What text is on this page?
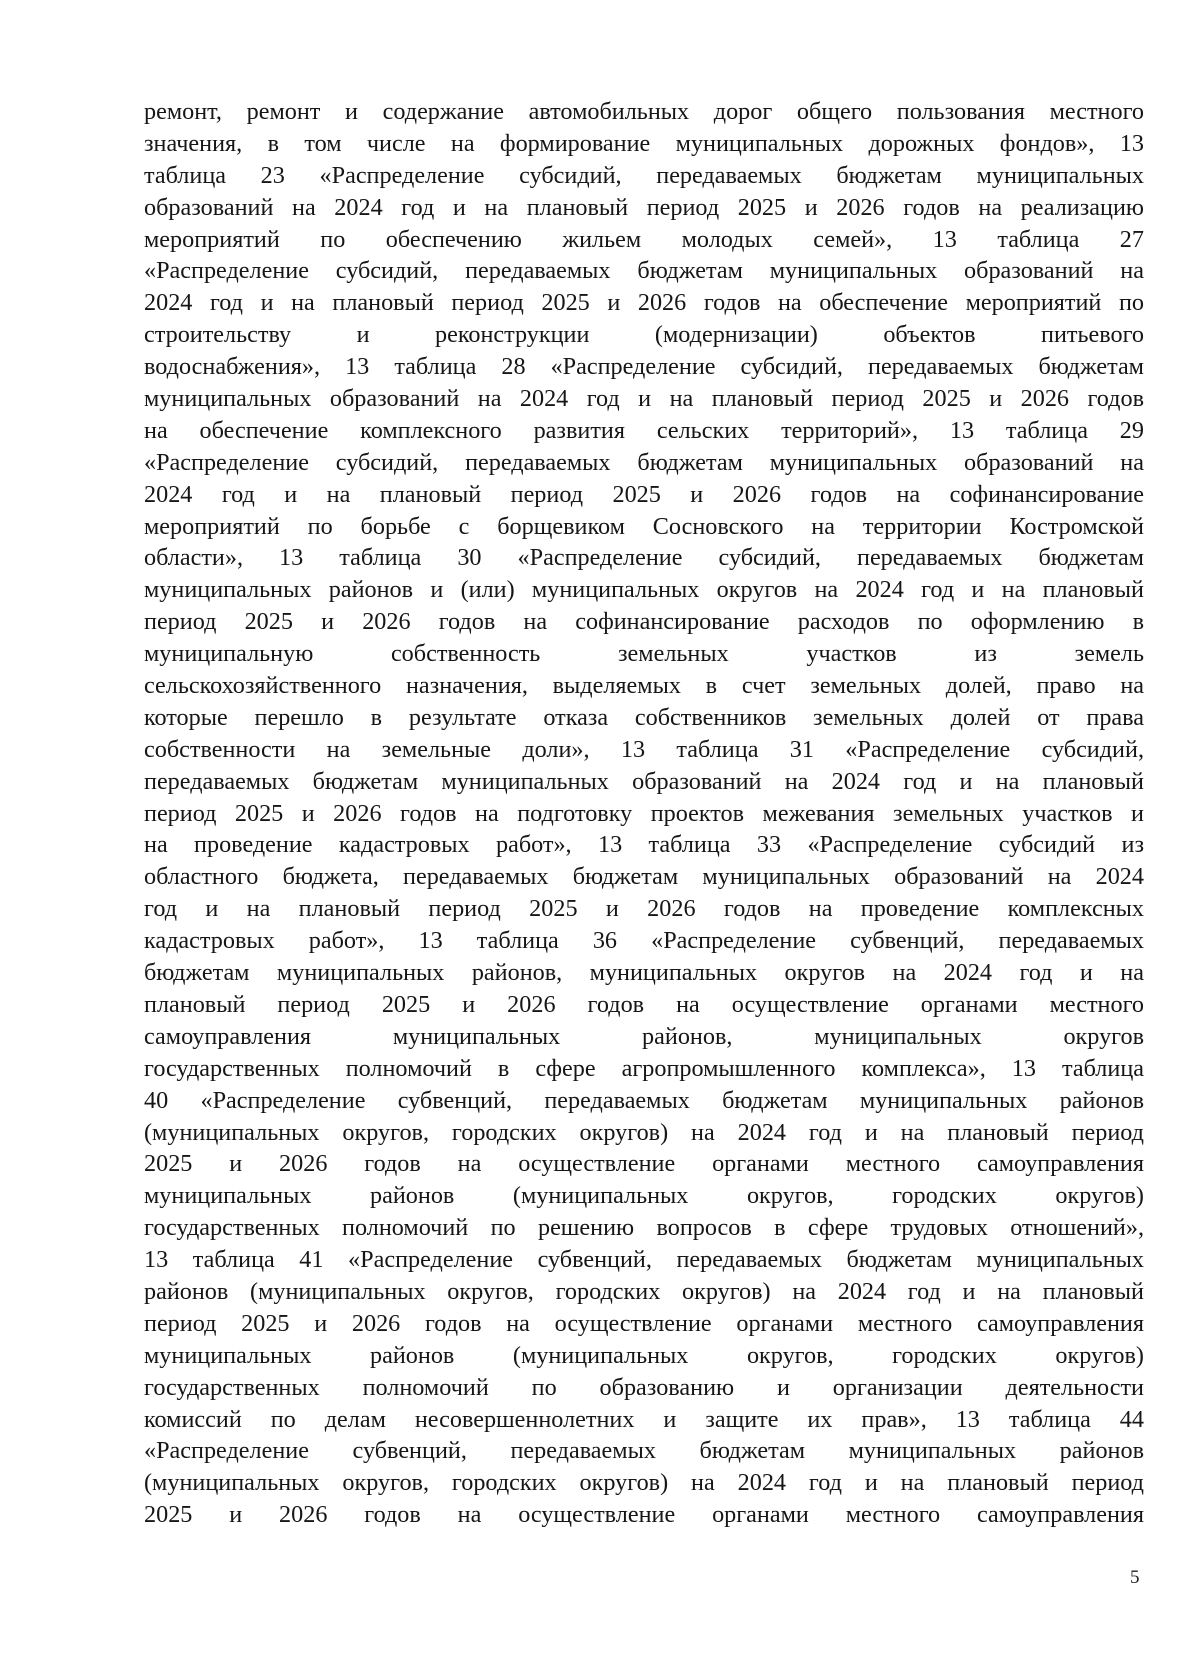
ремонт, ремонт и содержание автомобильных дорог общего пользования местного
значения, в том числе на формирование муниципальных дорожных фондов», 13
таблица 23 «Распределение субсидий, передаваемых бюджетам муниципальных
образований на 2024 год и на плановый период 2025 и 2026 годов на реализацию
мероприятий по обеспечению жильем молодых семей», 13 таблица 27
«Распределение субсидий, передаваемых бюджетам муниципальных образований на
2024 год и на плановый период 2025 и 2026 годов на обеспечение мероприятий по
строительству и реконструкции (модернизации) объектов питьевого
водоснабжения», 13 таблица 28 «Распределение субсидий, передаваемых бюджетам
муниципальных образований на 2024 год и на плановый период 2025 и 2026 годов
на обеспечение комплексного развития сельских территорий», 13 таблица 29
«Распределение субсидий, передаваемых бюджетам муниципальных образований на
2024 год и на плановый период 2025 и 2026 годов на софинансирование
мероприятий по борьбе с борщевиком Сосновского на территории Костромской
области», 13 таблица 30 «Распределение субсидий, передаваемых бюджетам
муниципальных районов и (или) муниципальных округов на 2024 год и на плановый
период 2025 и 2026 годов на софинансирование расходов по оформлению в
муниципальную собственность земельных участков из земель
сельскохозяйственного назначения, выделяемых в счет земельных долей, право на
которые перешло в результате отказа собственников земельных долей от права
собственности на земельные доли», 13 таблица 31 «Распределение субсидий,
передаваемых бюджетам муниципальных образований на 2024 год и на плановый
период 2025 и 2026 годов на подготовку проектов межевания земельных участков и
на проведение кадастровых работ», 13 таблица 33 «Распределение субсидий из
областного бюджета, передаваемых бюджетам муниципальных образований на 2024
год и на плановый период 2025 и 2026 годов на проведение комплексных
кадастровых работ», 13 таблица 36 «Распределение субвенций, передаваемых
бюджетам муниципальных районов, муниципальных округов на 2024 год и на
плановый период 2025 и 2026 годов на осуществление органами местного
самоуправления муниципальных районов, муниципальных округов
государственных полномочий в сфере агропромышленного комплекса», 13 таблица
40 «Распределение субвенций, передаваемых бюджетам муниципальных районов
(муниципальных округов, городских округов) на 2024 год и на плановый период
2025 и 2026 годов на осуществление органами местного самоуправления
муниципальных районов (муниципальных округов, городских округов)
государственных полномочий по решению вопросов в сфере трудовых отношений»,
13 таблица 41 «Распределение субвенций, передаваемых бюджетам муниципальных
районов (муниципальных округов, городских округов) на 2024 год и на плановый
период 2025 и 2026 годов на осуществление органами местного самоуправления
муниципальных районов (муниципальных округов, городских округов)
государственных полномочий по образованию и организации деятельности
комиссий по делам несовершеннолетних и защите их прав», 13 таблица 44
«Распределение субвенций, передаваемых бюджетам муниципальных районов
(муниципальных округов, городских округов) на 2024 год и на плановый период
2025 и 2026 годов на осуществление органами местного самоуправления
5
